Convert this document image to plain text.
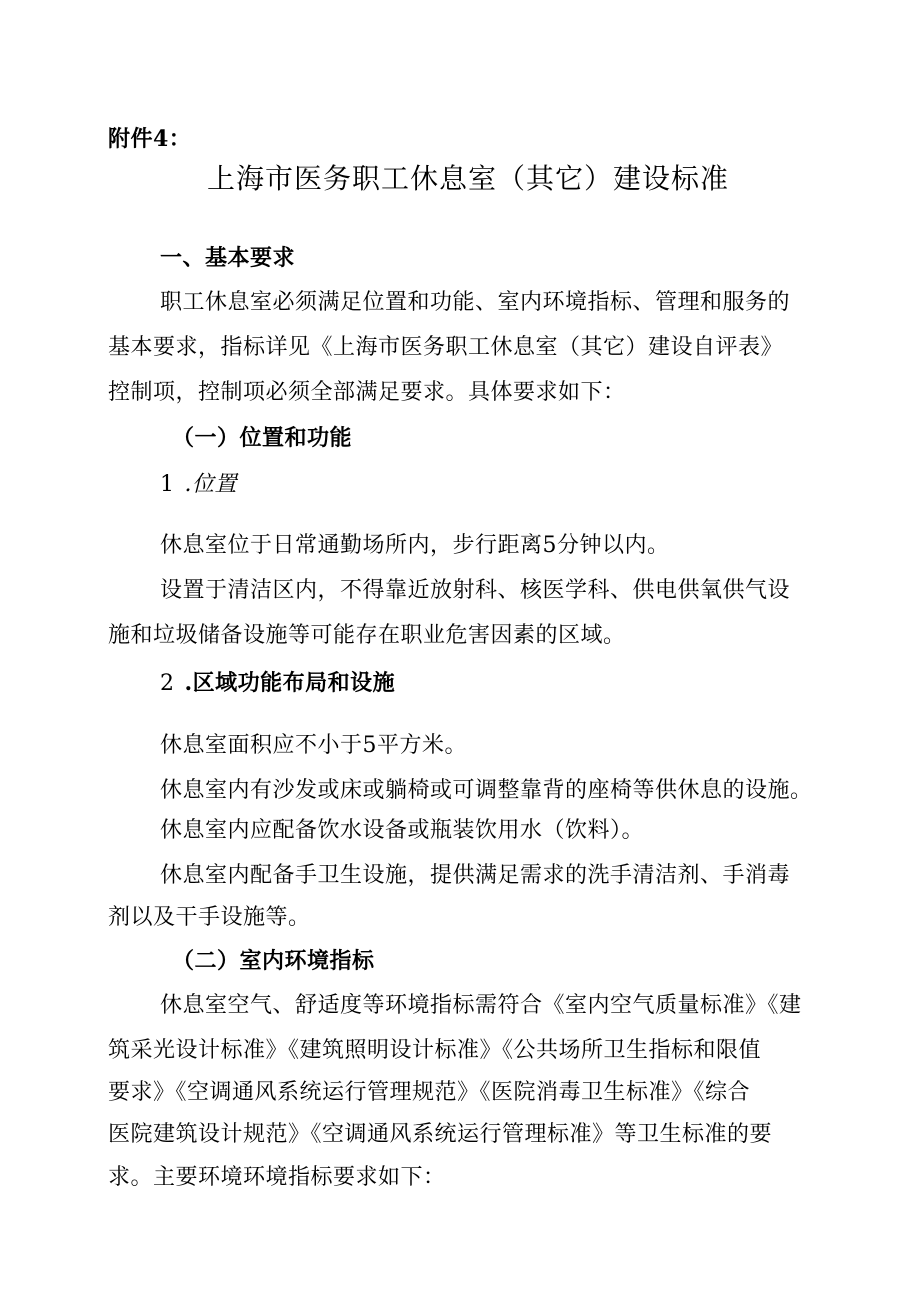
附件4：
上海市医务职工休息室（其它）建设标准
一、基本要求
职工休息室必须满足位置和功能、室内环境指标、管理和服务的
基本要求，指标详见《上海市医务职工休息室（其它）建设自评表》
控制项，控制项必须全部满足要求。具体要求如下：
（一）位置和功能
1 .位置
休息室位于日常通勤场所内，步行距离5分钟以内。
设置于清洁区内，不得靠近放射科、核医学科、供电供氧供气设
施和垃圾储备设施等可能存在职业危害因素的区域。
2 .区域功能布局和设施
休息室面积应不小于5平方米。
休息室内有沙发或床或躺椅或可调整靠背的座椅等供休息的设施。
休息室内应配备饮水设备或瓶装饮用水（饮料）。
休息室内配备手卫生设施，提供满足需求的洗手清洁剂、手消毒
剂以及干手设施等。
（二）室内环境指标
休息室空气、舒适度等环境指标需符合《室内空气质量标准》《建
筑采光设计标准》《建筑照明设计标准》《公共场所卫生指标和限值
要求》《空调通风系统运行管理规范》《医院消毒卫生标准》《综合
医院建筑设计规范》《空调通风系统运行管理标准》等卫生标准的要
求。主要环境环境指标要求如下：
